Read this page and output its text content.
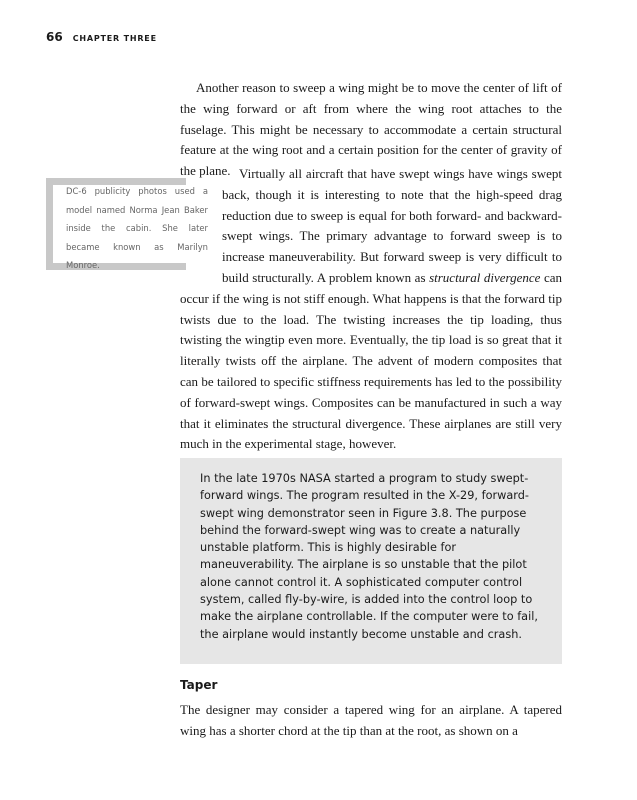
66 CHAPTER THREE

Another reason to sweep a wing might be to move the center of lift of the wing forward or aft from where the wing root attaches to the fuselage. This might be necessary to accommodate a certain structural feature at the wing root and a certain position for the center of gravity of the plane.

DC-6 publicity photos used a model named Norma Jean Baker inside the cabin. She later became known as Marilyn Monroe.

Virtually all aircraft that have swept wings have wings swept back, though it is interesting to note that the high-speed drag reduction due to sweep is equal for both forward- and backward-swept wings. The primary advantage to forward sweep is to increase maneuverability. But forward sweep is very difficult to build structurally. A problem known as structural divergence can occur if the wing is not stiff enough. What happens is that the forward tip twists due to the load. The twisting increases the tip loading, thus twisting the wingtip even more. Eventually, the tip load is so great that it literally twists off the airplane. The advent of modern composites that can be tailored to specific stiffness requirements has led to the possibility of forward-swept wings. Composites can be manufactured in such a way that it eliminates the structural divergence. These airplanes are still very much in the experimental stage, however.

In the late 1970s NASA started a program to study swept-forward wings. The program resulted in the X-29, forward-swept wing demonstrator seen in Figure 3.8. The purpose behind the forward-swept wing was to create a naturally unstable platform. This is highly desirable for maneuverability. The airplane is so unstable that the pilot alone cannot control it. A sophisticated computer control system, called fly-by-wire, is added into the control loop to make the airplane controllable. If the computer were to fail, the airplane would instantly become unstable and crash.

Taper

The designer may consider a tapered wing for an airplane. A tapered wing has a shorter chord at the tip than at the root, as shown on a
